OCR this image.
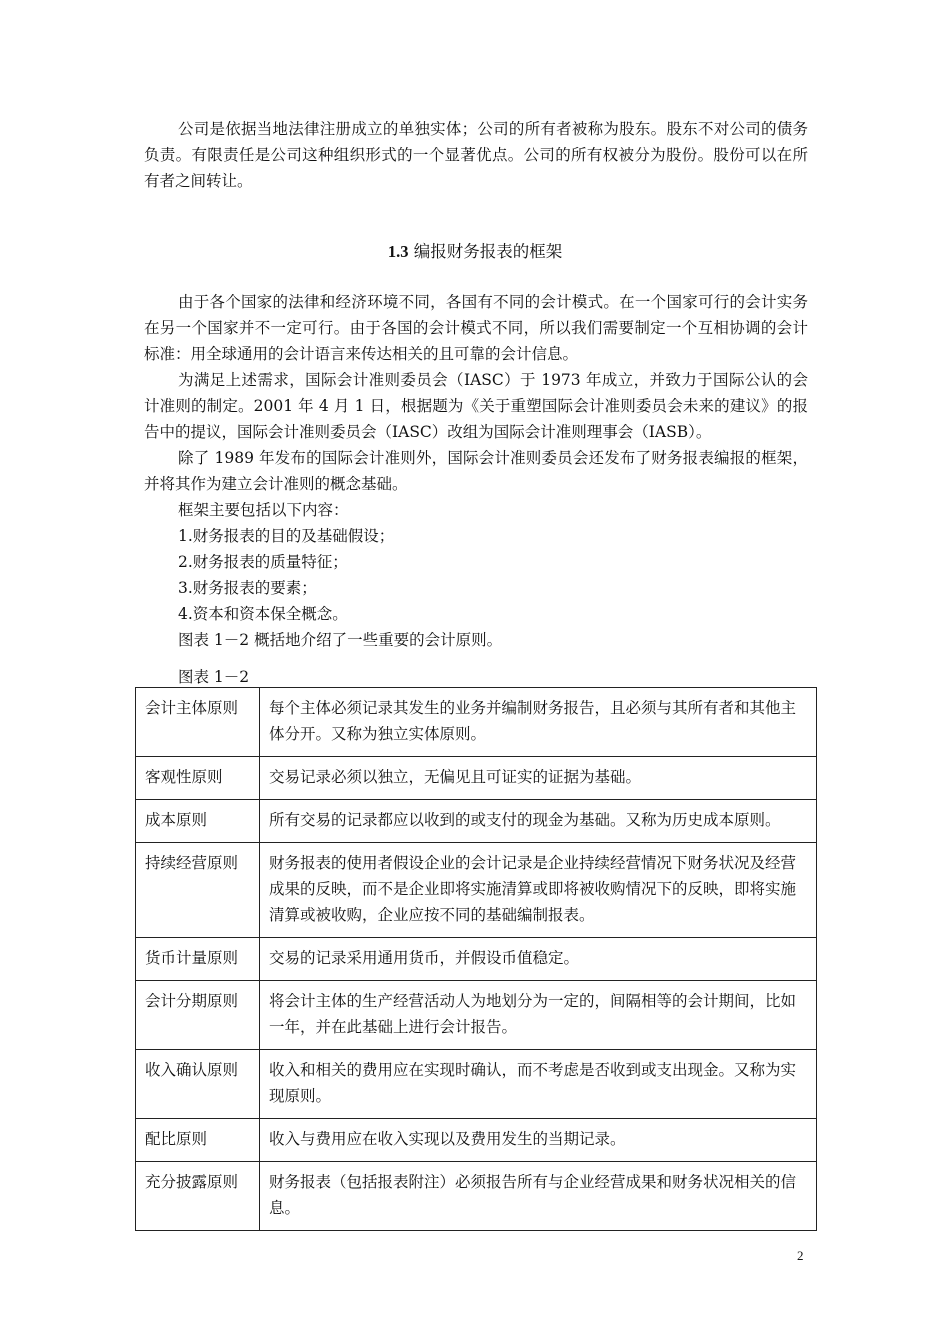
公司是依据当地法律注册成立的单独实体；公司的所有者被称为股东。股东不对公司的债务负责。有限责任是公司这种组织形式的一个显著优点。公司的所有权被分为股份。股份可以在所有者之间转让。

1.3 编报财务报表的框架

由于各个国家的法律和经济环境不同，各国有不同的会计模式。在一个国家可行的会计实务在另一个国家并不一定可行。由于各国的会计模式不同，所以我们需要制定一个互相协调的会计标准：用全球通用的会计语言来传达相关的且可靠的会计信息。

为满足上述需求，国际会计准则委员会（IASC）于 1973 年成立，并致力于国际公认的会计准则的制定。2001 年 4 月 1 日，根据题为《关于重塑国际会计准则委员会未来的建议》的报告中的提议，国际会计准则委员会（IASC）改组为国际会计准则理事会（IASB）。

除了 1989 年发布的国际会计准则外，国际会计准则委员会还发布了财务报表编报的框架，并将其作为建立会计准则的概念基础。

框架主要包括以下内容：

1.财务报表的目的及基础假设；

2.财务报表的质量特征；

3.财务报表的要素；

4.资本和资本保全概念。

图表 1－2 概括地介绍了一些重要的会计原则。

图表 1－2
会计主体原则	每个主体必须记录其发生的业务并编制财务报告，且必须与其所有者和其他主体分开。又称为独立实体原则。
客观性原则	交易记录必须以独立，无偏见且可证实的证据为基础。
成本原则	所有交易的记录都应以收到的或支付的现金为基础。又称为历史成本原则。
持续经营原则	财务报表的使用者假设企业的会计记录是企业持续经营情况下财务状况及经营成果的反映，而不是企业即将实施清算或即将被收购情况下的反映，即将实施清算或被收购，企业应按不同的基础编制报表。
货币计量原则	交易的记录采用通用货币，并假设币值稳定。
会计分期原则	将会计主体的生产经营活动人为地划分为一定的，间隔相等的会计期间，比如一年，并在此基础上进行会计报告。
收入确认原则	收入和相关的费用应在实现时确认，而不考虑是否收到或支出现金。又称为实现原则。
配比原则	收入与费用应在收入实现以及费用发生的当期记录。
充分披露原则	财务报表（包括报表附注）必须报告所有与企业经营成果和财务状况相关的信息。
2
